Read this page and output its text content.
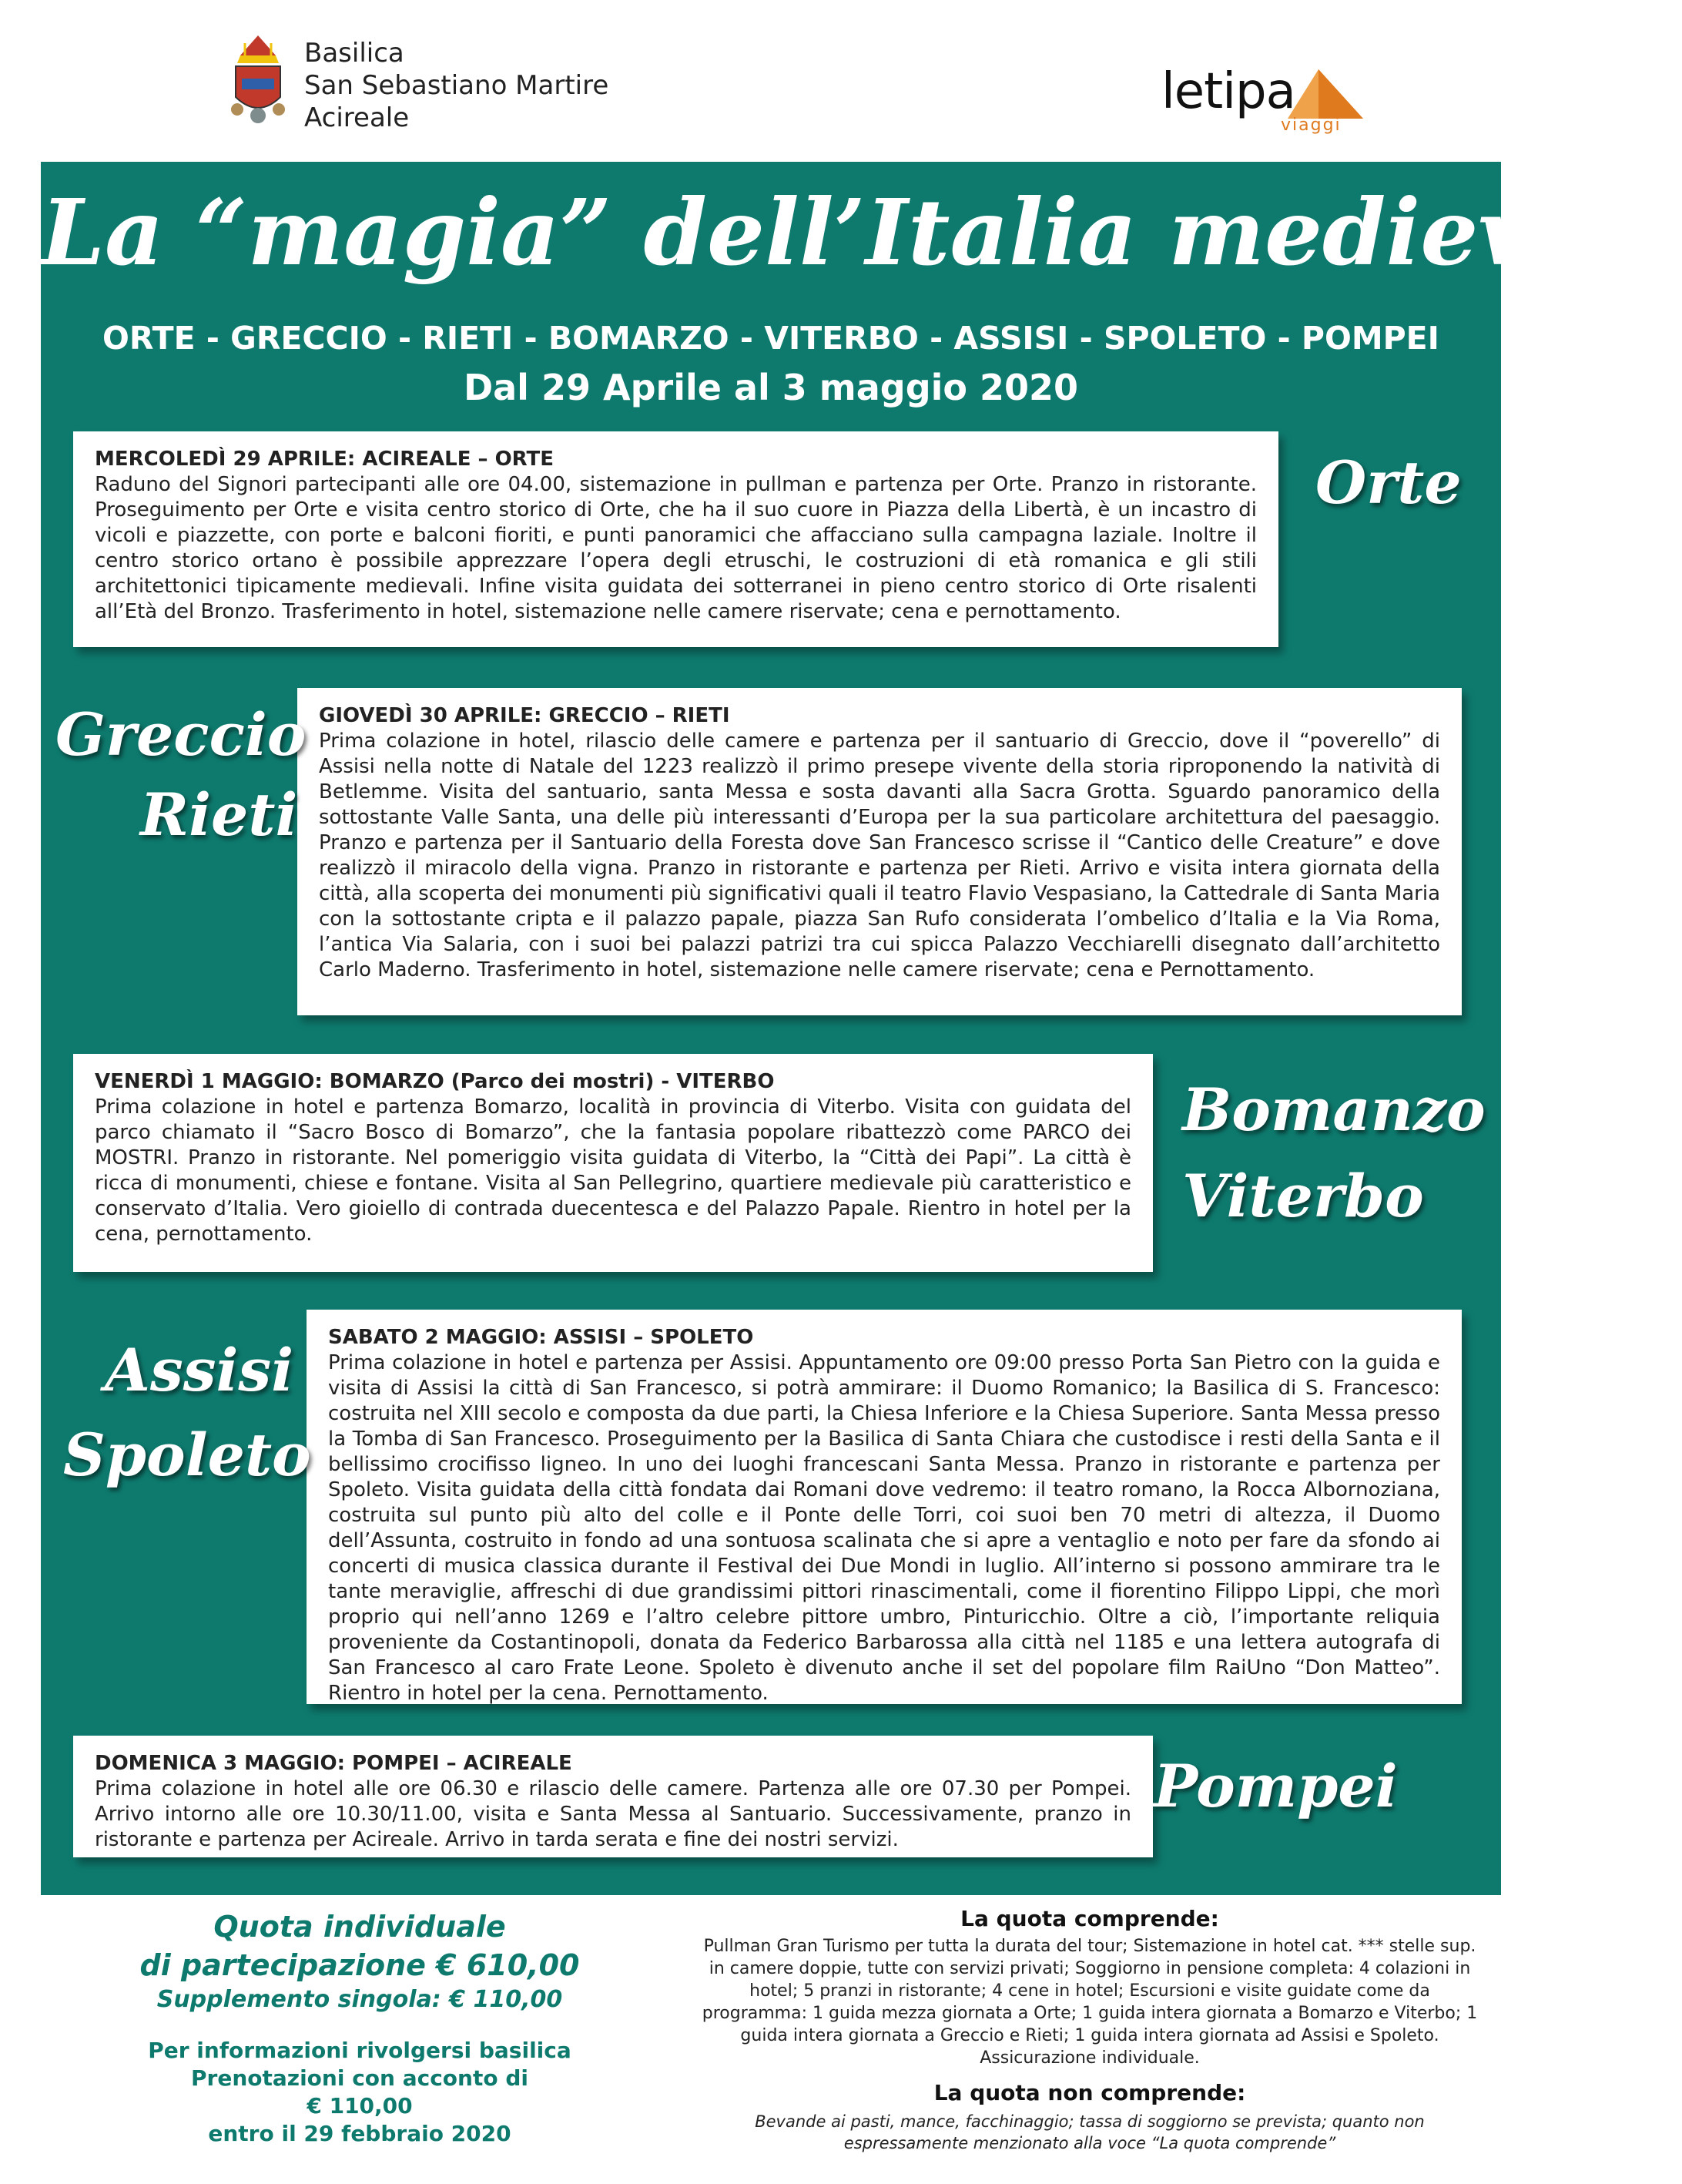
Basilica
San Sebastiano Martire
Acireale	letipa
viaggi
La “magia” dell’Italia medievale
ORTE - GRECCIO - RIETI - BOMARZO - VITERBO - ASSISI - SPOLETO - POMPEI
Dal 29 Aprile al 3 maggio 2020
MERCOLEDÌ 29 APRILE: ACIREALE – ORTE
Raduno del Signori partecipanti alle ore 04.00, sistemazione in pullman e partenza per Orte. Pranzo in ristorante. Proseguimento per Orte e visita centro storico di Orte, che ha il suo cuore in Piazza della Libertà, è un incastro di vicoli e piazzette, con porte e balconi fioriti, e punti panoramici che affacciano sulla campagna laziale. Inoltre il centro storico ortano è possibile apprezzare l’opera degli etruschi, le costruzioni di età romanica e gli stili architettonici tipicamente medievali. Infine visita guidata dei sotterranei in pieno centro storico di Orte risalenti all’Età del Bronzo. Trasferimento in hotel, sistemazione nelle camere riservate; cena e pernottamento.
Orte
GIOVEDÌ 30 APRILE: GRECCIO – RIETI
Prima colazione in hotel, rilascio delle camere e partenza per il santuario di Greccio, dove il “poverello” di Assisi nella notte di Natale del 1223 realizzò il primo presepe vivente della storia riproponendo la natività di Betlemme. Visita del santuario, santa Messa e sosta davanti alla Sacra Grotta. Sguardo panoramico della sottostante Valle Santa, una delle più interessanti d’Europa per la sua particolare architettura del paesaggio. Pranzo e partenza per il Santuario della Foresta dove San Francesco scrisse il “Cantico delle Creature” e dove realizzò il miracolo della vigna. Pranzo in ristorante e partenza per Rieti. Arrivo e visita intera giornata della città, alla scoperta dei monumenti più significativi quali il teatro Flavio Vespasiano, la Cattedrale di Santa Maria con la sottostante cripta e il palazzo papale, piazza San Rufo considerata l’ombelico d’Italia e la Via Roma, l’antica Via Salaria, con i suoi bei palazzi patrizi tra cui spicca Palazzo Vecchiarelli disegnato dall’architetto Carlo Maderno. Trasferimento in hotel, sistemazione nelle camere riservate; cena e Pernottamento.
Greccio
Rieti
VENERDÌ 1 MAGGIO: BOMARZO (Parco dei mostri) - VITERBO
Prima colazione in hotel e partenza Bomarzo, località in provincia di Viterbo. Visita con guidata del parco chiamato il “Sacro Bosco di Bomarzo”, che la fantasia popolare ribattezzò come PARCO dei MOSTRI. Pranzo in ristorante. Nel pomeriggio visita guidata di Viterbo, la “Città dei Papi”. La città è ricca di monumenti, chiese e fontane. Visita al San Pellegrino, quartiere medievale più caratteristico e conservato d’Italia. Vero gioiello di contrada duecentesca e del Palazzo Papale. Rientro in hotel per la cena, pernottamento.
Bomanzo
Viterbo
SABATO 2 MAGGIO: ASSISI – SPOLETO
Prima colazione in hotel e partenza per Assisi. Appuntamento ore 09:00 presso Porta San Pietro con la guida e visita di Assisi la città di San Francesco, si potrà ammirare: il Duomo Romanico; la Basilica di S. Francesco: costruita nel XIII secolo e composta da due parti, la Chiesa Inferiore e la Chiesa Superiore. Santa Messa presso la Tomba di San Francesco. Proseguimento per la Basilica di Santa Chiara che custodisce i resti della Santa e il bellissimo crocifisso ligneo. In uno dei luoghi francescani Santa Messa. Pranzo in ristorante e partenza per Spoleto. Visita guidata della città fondata dai Romani dove vedremo: il teatro romano, la Rocca Albornoziana, costruita sul punto più alto del colle e il Ponte delle Torri, coi suoi ben 70 metri di altezza, il Duomo dell’Assunta, costruito in fondo ad una sontuosa scalinata che si apre a ventaglio e noto per fare da sfondo ai concerti di musica classica durante il Festival dei Due Mondi in luglio. All’interno si possono ammirare tra le tante meraviglie, affreschi di due grandissimi pittori rinascimentali, come il fiorentino Filippo Lippi, che morì proprio qui nell’anno 1269 e l’altro celebre pittore umbro, Pinturicchio. Oltre a ciò, l’importante reliquia proveniente da Costantinopoli, donata da Federico Barbarossa alla città nel 1185 e una lettera autografa di San Francesco al caro Frate Leone. Spoleto è divenuto anche il set del popolare film RaiUno “Don Matteo”. Rientro in hotel per la cena. Pernottamento.
Assisi
Spoleto
DOMENICA 3 MAGGIO: POMPEI – ACIREALE
Prima colazione in hotel alle ore 06.30 e rilascio delle camere. Partenza alle ore 07.30 per Pompei. Arrivo intorno alle ore 10.30/11.00, visita e Santa Messa al Santuario. Successivamente, pranzo in ristorante e partenza per Acireale. Arrivo in tarda serata e fine dei nostri servizi.
Pompei
Quota individuale
di partecipazione € 610,00
Supplemento singola: € 110,00
Per informazioni rivolgersi basilica
Prenotazioni con acconto di
€ 110,00
entro il 29 febbraio 2020
La quota comprende:
Pullman Gran Turismo per tutta la durata del tour; Sistemazione in hotel cat. *** stelle sup. in camere doppie, tutte con servizi privati; Soggiorno in pensione completa: 4 colazioni in hotel; 5 pranzi in ristorante; 4 cene in hotel; Escursioni e visite guidate come da programma: 1 guida mezza giornata a Orte; 1 guida intera giornata a Bomarzo e Viterbo; 1 guida intera giornata a Greccio e Rieti; 1 guida intera giornata ad Assisi e Spoleto. Assicurazione individuale.
La quota non comprende:
Bevande ai pasti, mance, facchinaggio; tassa di soggiorno se prevista; quanto non espressamente menzionato alla voce “La quota comprende”
